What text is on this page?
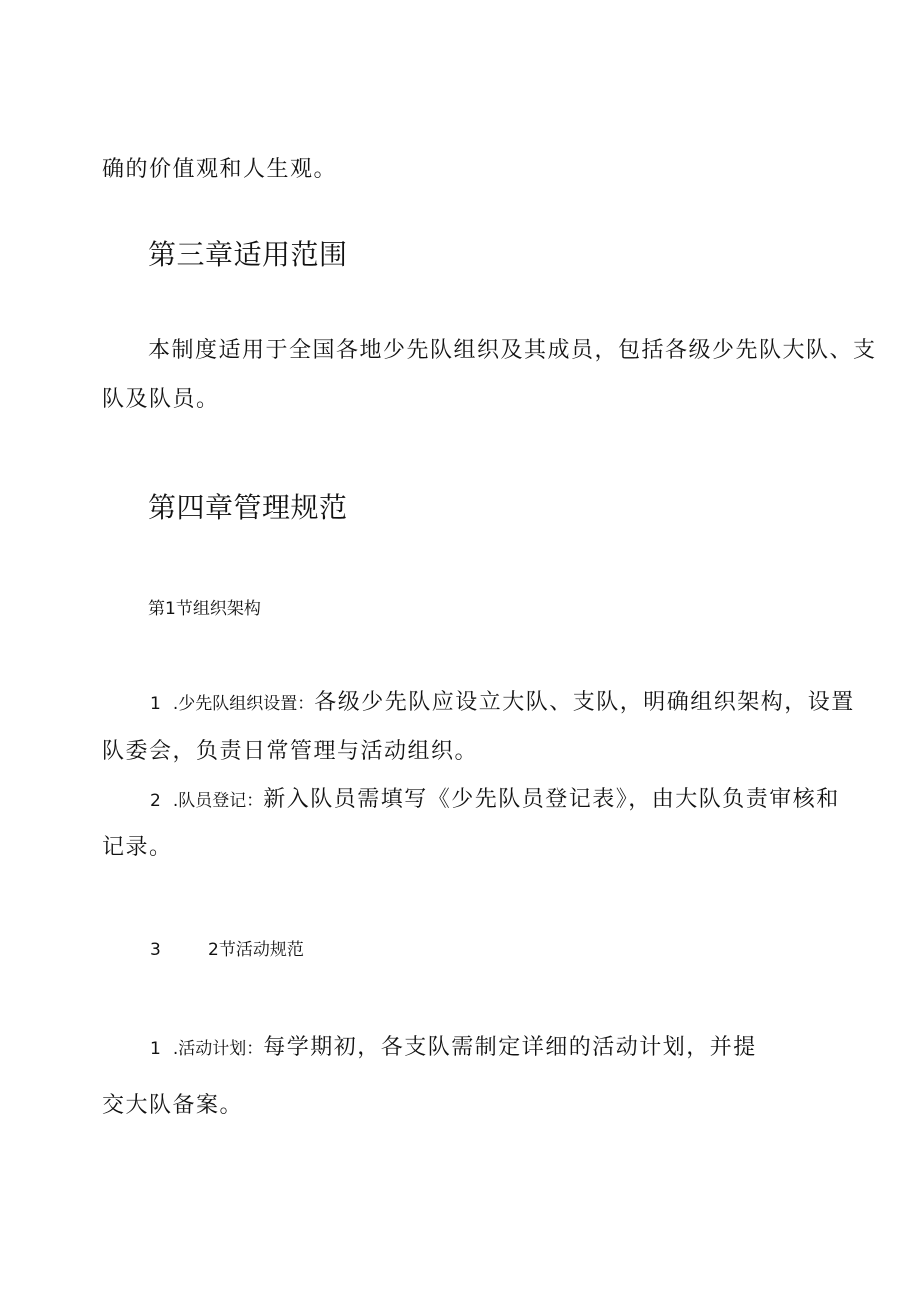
确的价值观和人生观。
第三章适用范围
本制度适用于全国各地少先队组织及其成员，包括各级少先队大队、支
队及队员。
第四章管理规范
第1节组织架构
1 .少先队组织设置：各级少先队应设立大队、支队，明确组织架构，设置
队委会，负责日常管理与活动组织。
2 .队员登记：新入队员需填写《少先队员登记表》，由大队负责审核和
记录。
3	2节活动规范
1 .活动计划：每学期初，各支队需制定详细的活动计划，并提
交大队备案。
